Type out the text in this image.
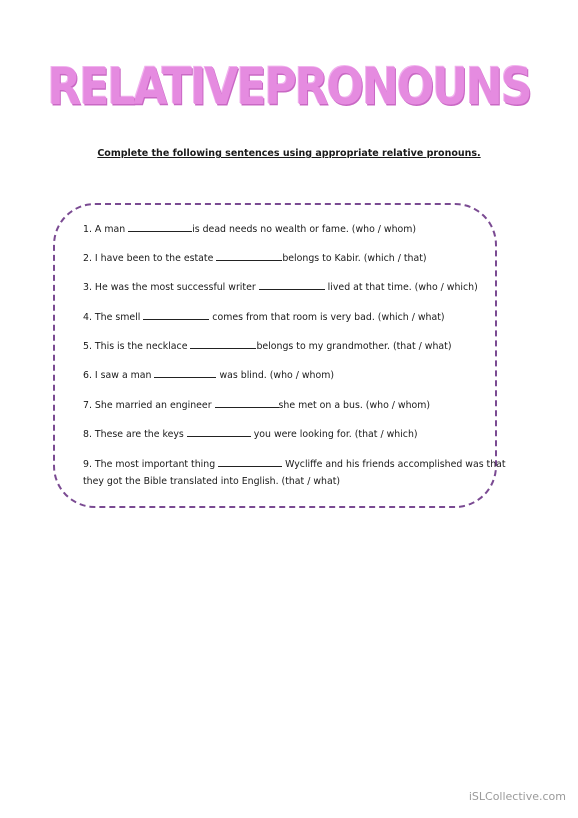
RELATIVEPRONOUNS
Complete the following sentences using appropriate relative pronouns.
1. A man	is dead needs no wealth or fame. (who / whom)
2. I have been to the estate	belongs to Kabir. (which / that)
3. He was the most successful writer	lived at that time. (who / which)
4. The smell	comes from that room is very bad. (which / what)
5. This is the necklace	belongs to my grandmother. (that / what)
6. I saw a man	was blind. (who / whom)
7. She married an engineer	she met on a bus. (who / whom)
8. These are the keys	you were looking for. (that / which)
9. The most important thing	Wycliffe and his friends accomplished was that
they got the Bible translated into English. (that / what)
iSLCollective.com
